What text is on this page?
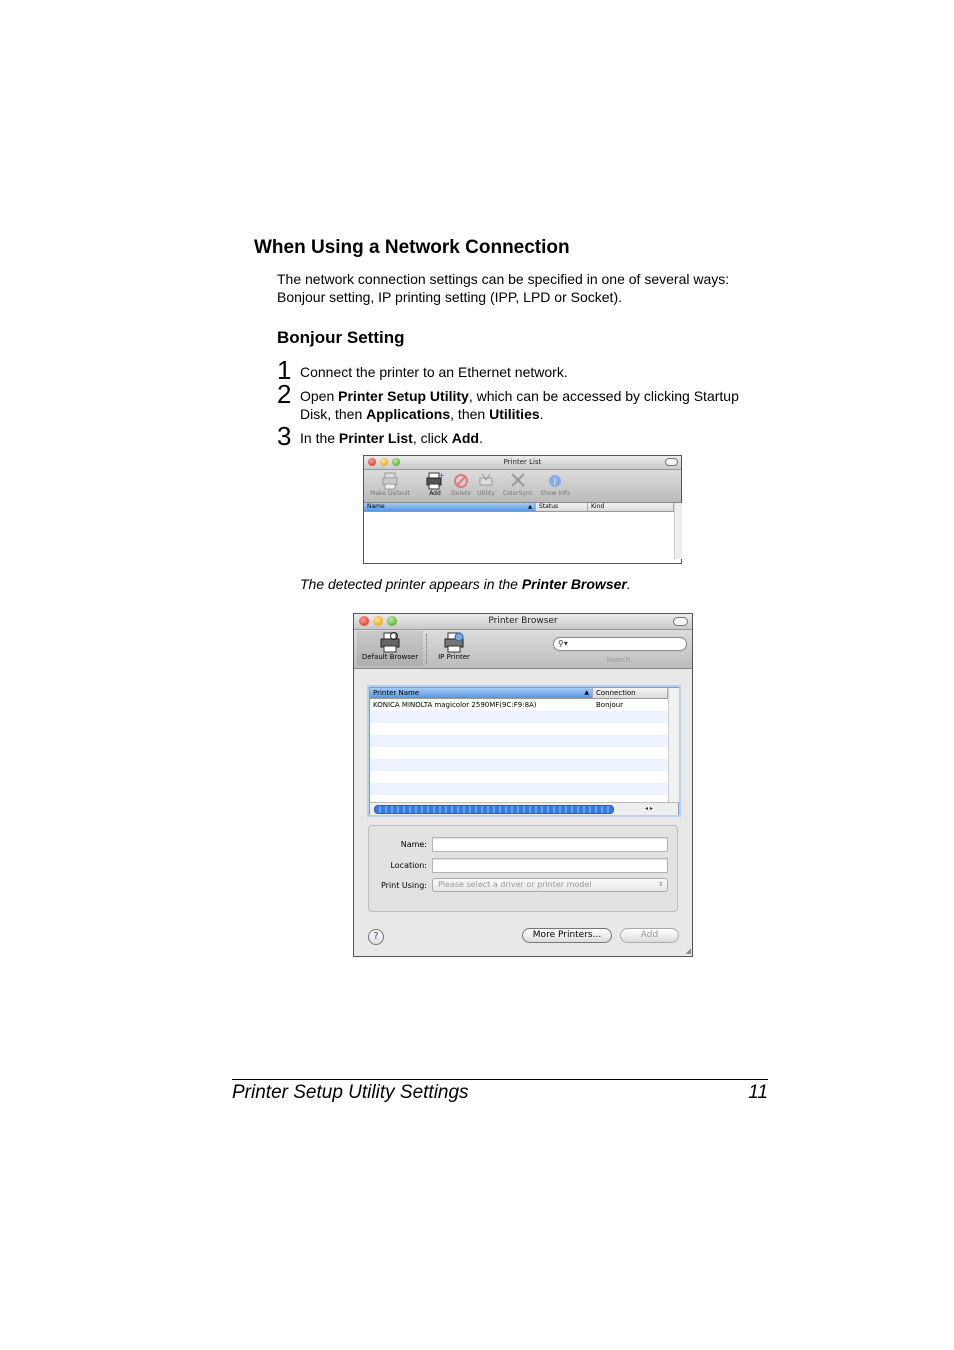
When Using a Network Connection

The network connection settings can be specified in one of several ways: Bonjour setting, IP printing setting (IPP, LPD or Socket).

Bonjour Setting
1 Connect the printer to an Ethernet network.
2 Open Printer Setup Utility, which can be accessed by clicking Startup Disk, then Applications, then Utilities.
3 In the Printer List, click Add.
Printer List
Make Default
+
Add	Delete	Utility	ColorSync
i
Show Info
Name	▲	Status	Kind
The detected printer appears in the Printer Browser.
Printer Browser
Default Browser	IP Printer
⚲▾
Search
Printer Name	▲	Connection
KONICA MINOLTA magicolor 2590MF(9C:F9:8A)	Bonjour
◂ ▸
Name:
Location:
Print Using:	Please select a driver or printer model	⇕
?	More Printers...	Add
◢
Printer Setup Utility Settings	11
